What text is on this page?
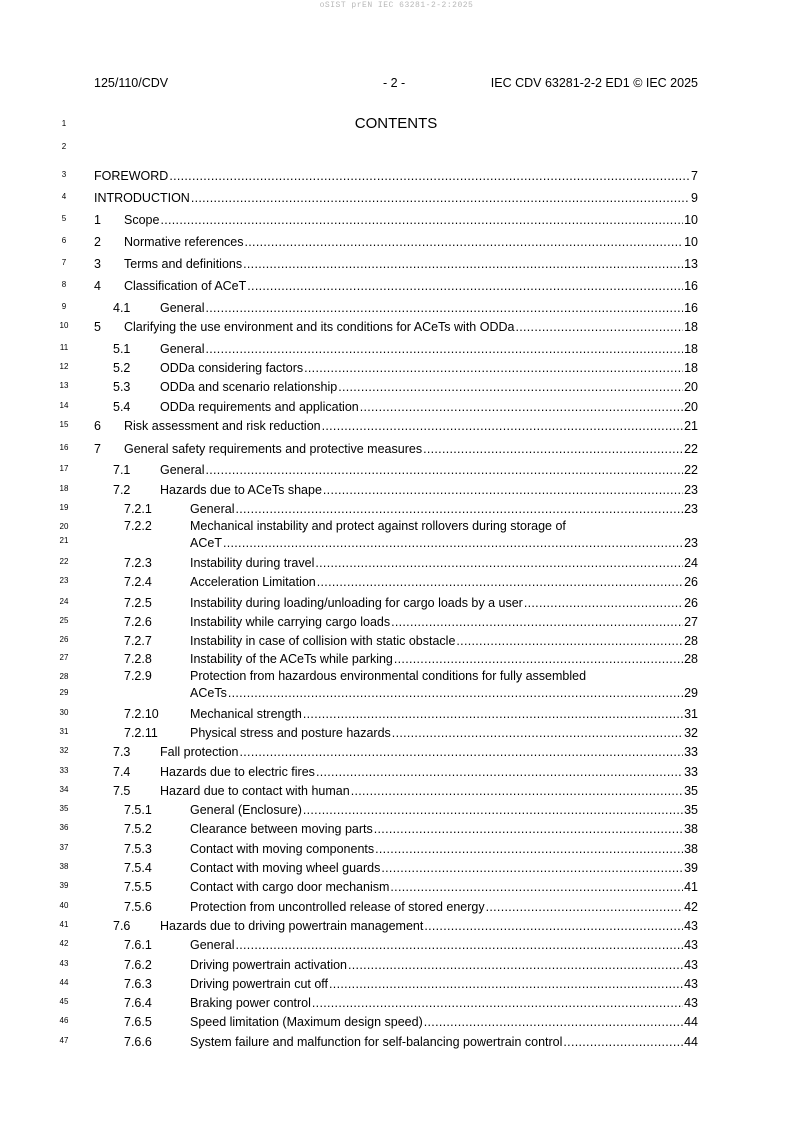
oSIST prEN IEC 63281-2-2:2025
125/110/CDV	- 2 -	IEC CDV 63281-2-2 ED1 © IEC 2025
CONTENTS
1
2
3
4
5
6
7
8
9
10
11
12
13
14
15
16
17
18
19
20
21
22
23
24
25
26
27
28
29
30
31
32
33
34
35
36
37
38
39
40
41
42
43
44
45
46
47
FOREWORD .....	7
INTRODUCTION .....	9
1 Scope .....	10
2 Normative references .....	10
3 Terms and definitions .....	13
4 Classification of ACeT .....	16
4.1 General .....	16
5 Clarifying the use environment and its conditions for ACeTs with ODDa .....	18
5.1 General .....	18
5.2 ODDa considering factors .....	18
5.3 ODDa and scenario relationship .....	20
5.4 ODDa requirements and application .....	20
6 Risk assessment and risk reduction .....	21
7 General safety requirements and protective measures .....	22
7.1 General .....	22
7.2 Hazards due to ACeTs shape .....	23
7.2.1	General .....	23
7.2.2	Mechanical instability and protect against rollovers during storage of
ACeT .....	23
7.2.3	Instability during travel .....	24
7.2.4	Acceleration Limitation .....	26
7.2.5	Instability during loading/unloading for cargo loads by a user .....	26
7.2.6	Instability while carrying cargo loads .....	27
7.2.7	Instability in case of collision with static obstacle .....	28
7.2.8	Instability of the ACeTs while parking .....	28
7.2.9	Protection from hazardous environmental conditions for fully assembled
ACeTs .....	29
7.2.10 Mechanical strength .....	31
7.2.11	Physical stress and posture hazards .....	32
7.3 Fall protection .....	33
7.4 Hazards due to electric fires .....	33
7.5 Hazard due to contact with human .....	35
7.5.1	General (Enclosure) .....	35
7.5.2	Clearance between moving parts .....	38
7.5.3	Contact with moving components .....	38
7.5.4	Contact with moving wheel guards .....	39
7.5.5	Contact with cargo door mechanism .....	41
7.5.6	Protection from uncontrolled release of stored energy .....	42
7.6 Hazards due to driving powertrain management .....	43
7.6.1	General .....	43
7.6.2	Driving powertrain activation .....	43
7.6.3	Driving powertrain cut off .....	43
7.6.4	Braking power control .....	43
7.6.5	Speed limitation (Maximum design speed) .....	44
7.6.6	System failure and malfunction for self-balancing powertrain control .....	44
